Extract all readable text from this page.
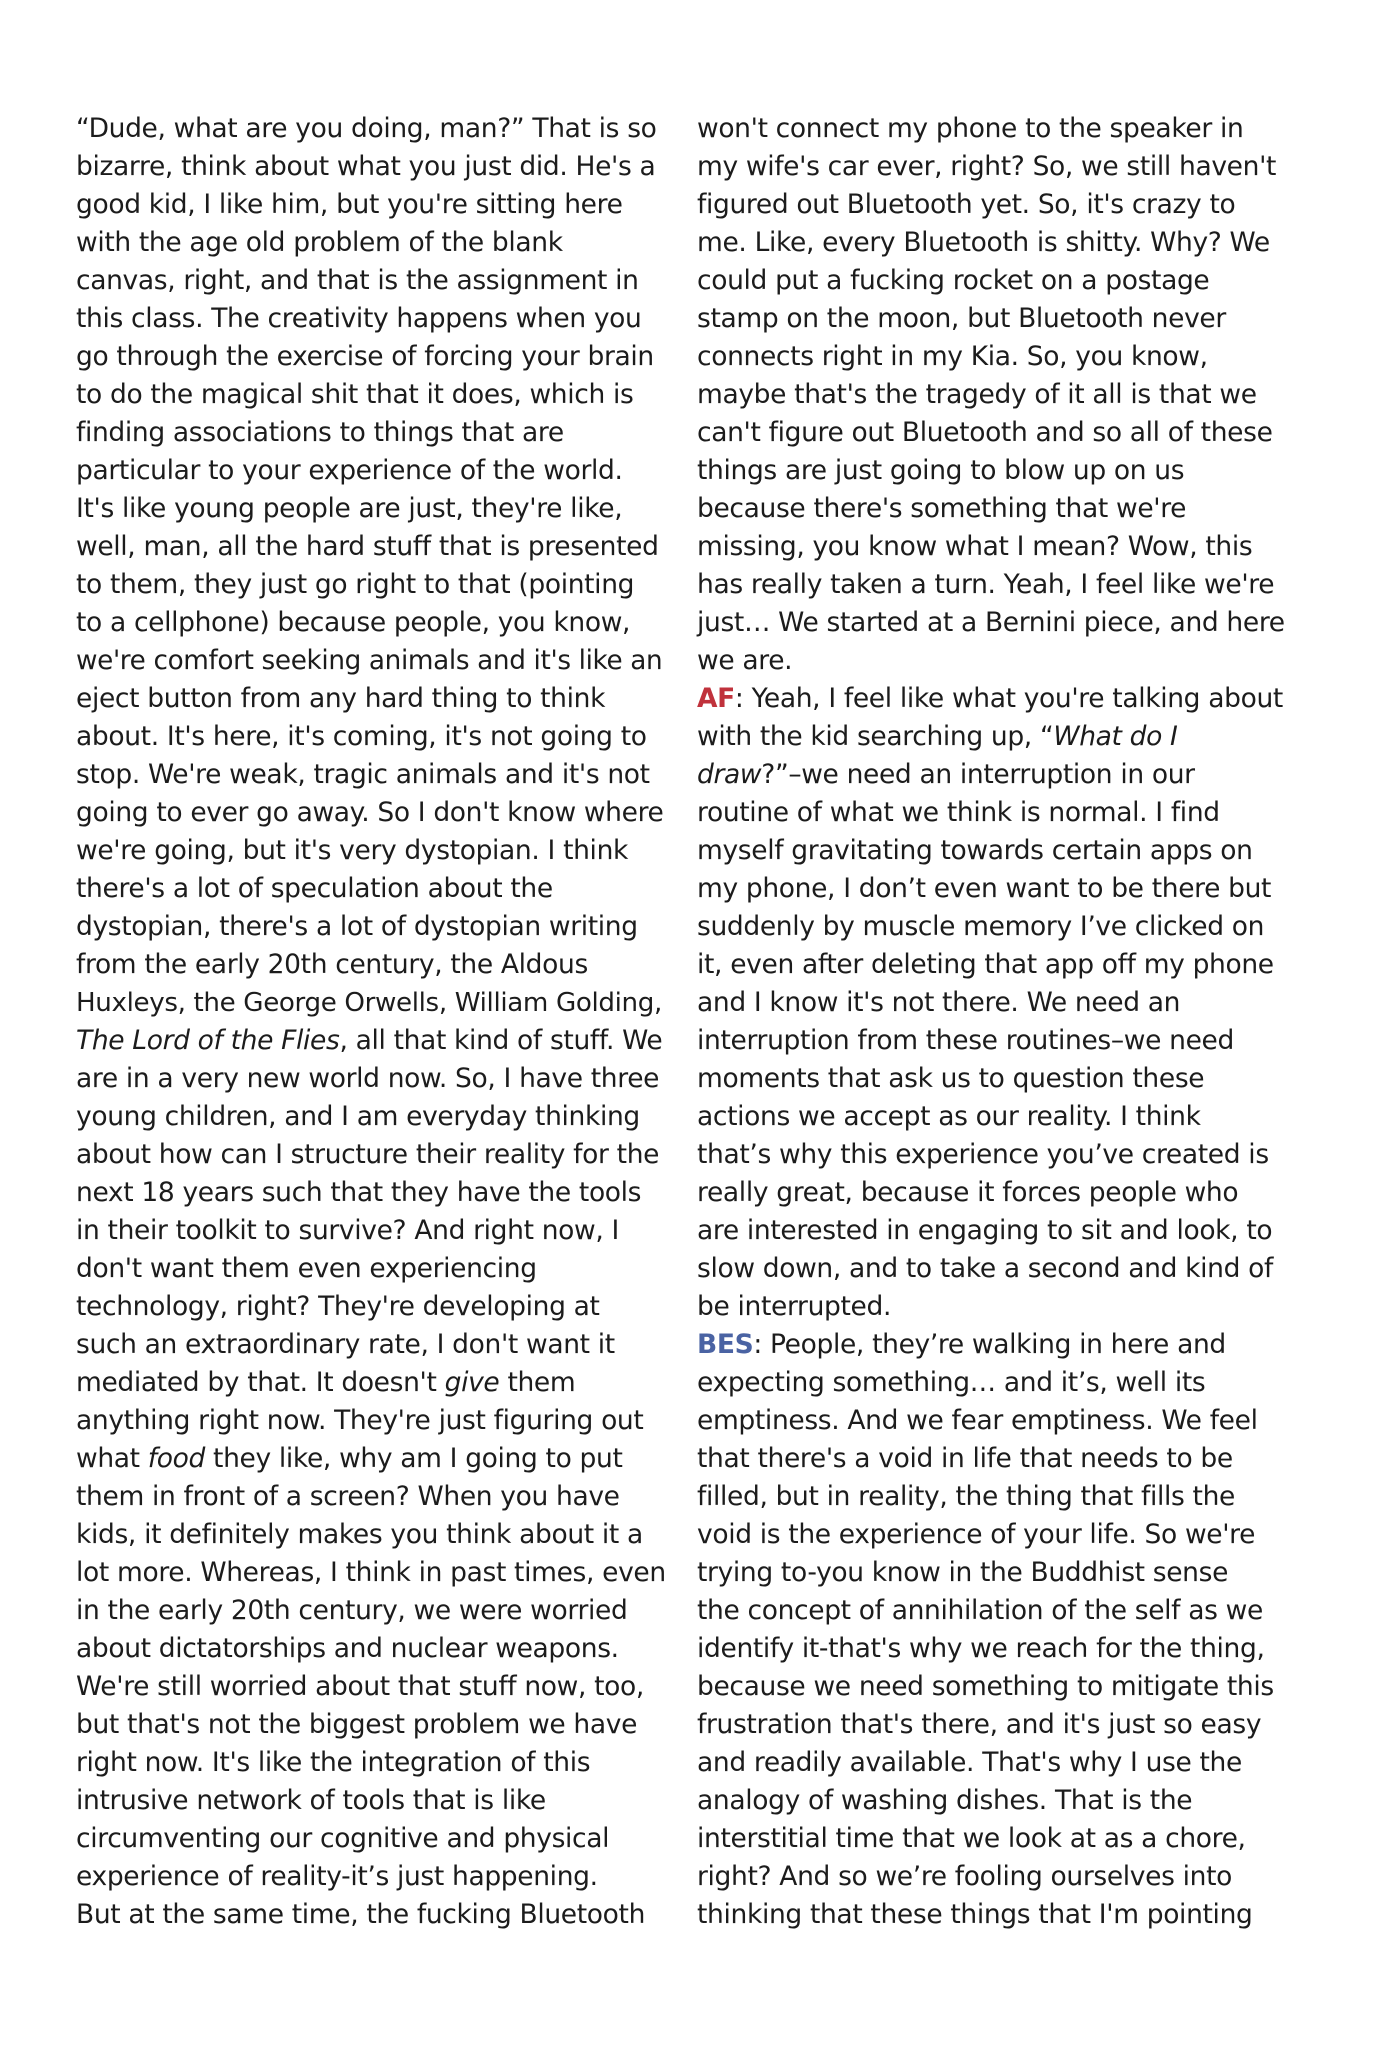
“Dude, what are you doing, man?” That is so
bizarre, think about what you just did. He's a
good kid, I like him, but you're sitting here
with the age old problem of the blank
canvas, right, and that is the assignment in
this class. The creativity happens when you
go through the exercise of forcing your brain
to do the magical shit that it does, which is
finding associations to things that are
particular to your experience of the world.
It's like young people are just, they're like,
well, man, all the hard stuff that is presented
to them, they just go right to that (pointing
to a cellphone) because people, you know,
we're comfort seeking animals and it's like an
eject button from any hard thing to think
about. It's here, it's coming, it's not going to
stop. We're weak, tragic animals and it's not
going to ever go away. So I don't know where
we're going, but it's very dystopian. I think
there's a lot of speculation about the
dystopian, there's a lot of dystopian writing
from the early 20th century, the Aldous
Huxleys, the George Orwells, William Golding,
The Lord of the Flies, all that kind of stuff. We
are in a very new world now. So, I have three
young children, and I am everyday thinking
about how can I structure their reality for the
next 18 years such that they have the tools
in their toolkit to survive? And right now, I
don't want them even experiencing
technology, right? They're developing at
such an extraordinary rate, I don't want it
mediated by that. It doesn't give them
anything right now. They're just figuring out
what food they like, why am I going to put
them in front of a screen? When you have
kids, it definitely makes you think about it a
lot more. Whereas, I think in past times, even
in the early 20th century, we were worried
about dictatorships and nuclear weapons.
We're still worried about that stuff now, too,
but that's not the biggest problem we have
right now. It's like the integration of this
intrusive network of tools that is like
circumventing our cognitive and physical
experience of reality-it’s just happening.
But at the same time, the fucking Bluetooth
won't connect my phone to the speaker in
my wife's car ever, right? So, we still haven't
figured out Bluetooth yet. So, it's crazy to
me. Like, every Bluetooth is shitty. Why? We
could put a fucking rocket on a postage
stamp on the moon, but Bluetooth never
connects right in my Kia. So, you know,
maybe that's the tragedy of it all is that we
can't figure out Bluetooth and so all of these
things are just going to blow up on us
because there's something that we're
missing, you know what I mean? Wow, this
has really taken a turn. Yeah, I feel like we're
just… We started at a Bernini piece, and here
we are.
AF: Yeah, I feel like what you're talking about
with the kid searching up, “What do I
draw?”–we need an interruption in our
routine of what we think is normal. I find
myself gravitating towards certain apps on
my phone, I don’t even want to be there but
suddenly by muscle memory I’ve clicked on
it, even after deleting that app off my phone
and I know it's not there. We need an
interruption from these routines–we need
moments that ask us to question these
actions we accept as our reality. I think
that’s why this experience you’ve created is
really great, because it forces people who
are interested in engaging to sit and look, to
slow down, and to take a second and kind of
be interrupted.
BES: People, they’re walking in here and
expecting something… and it’s, well its
emptiness. And we fear emptiness. We feel
that there's a void in life that needs to be
filled, but in reality, the thing that fills the
void is the experience of your life. So we're
trying to-you know in the Buddhist sense
the concept of annihilation of the self as we
identify it-that's why we reach for the thing,
because we need something to mitigate this
frustration that's there, and it's just so easy
and readily available. That's why I use the
analogy of washing dishes. That is the
interstitial time that we look at as a chore,
right? And so we’re fooling ourselves into
thinking that these things that I'm pointing
